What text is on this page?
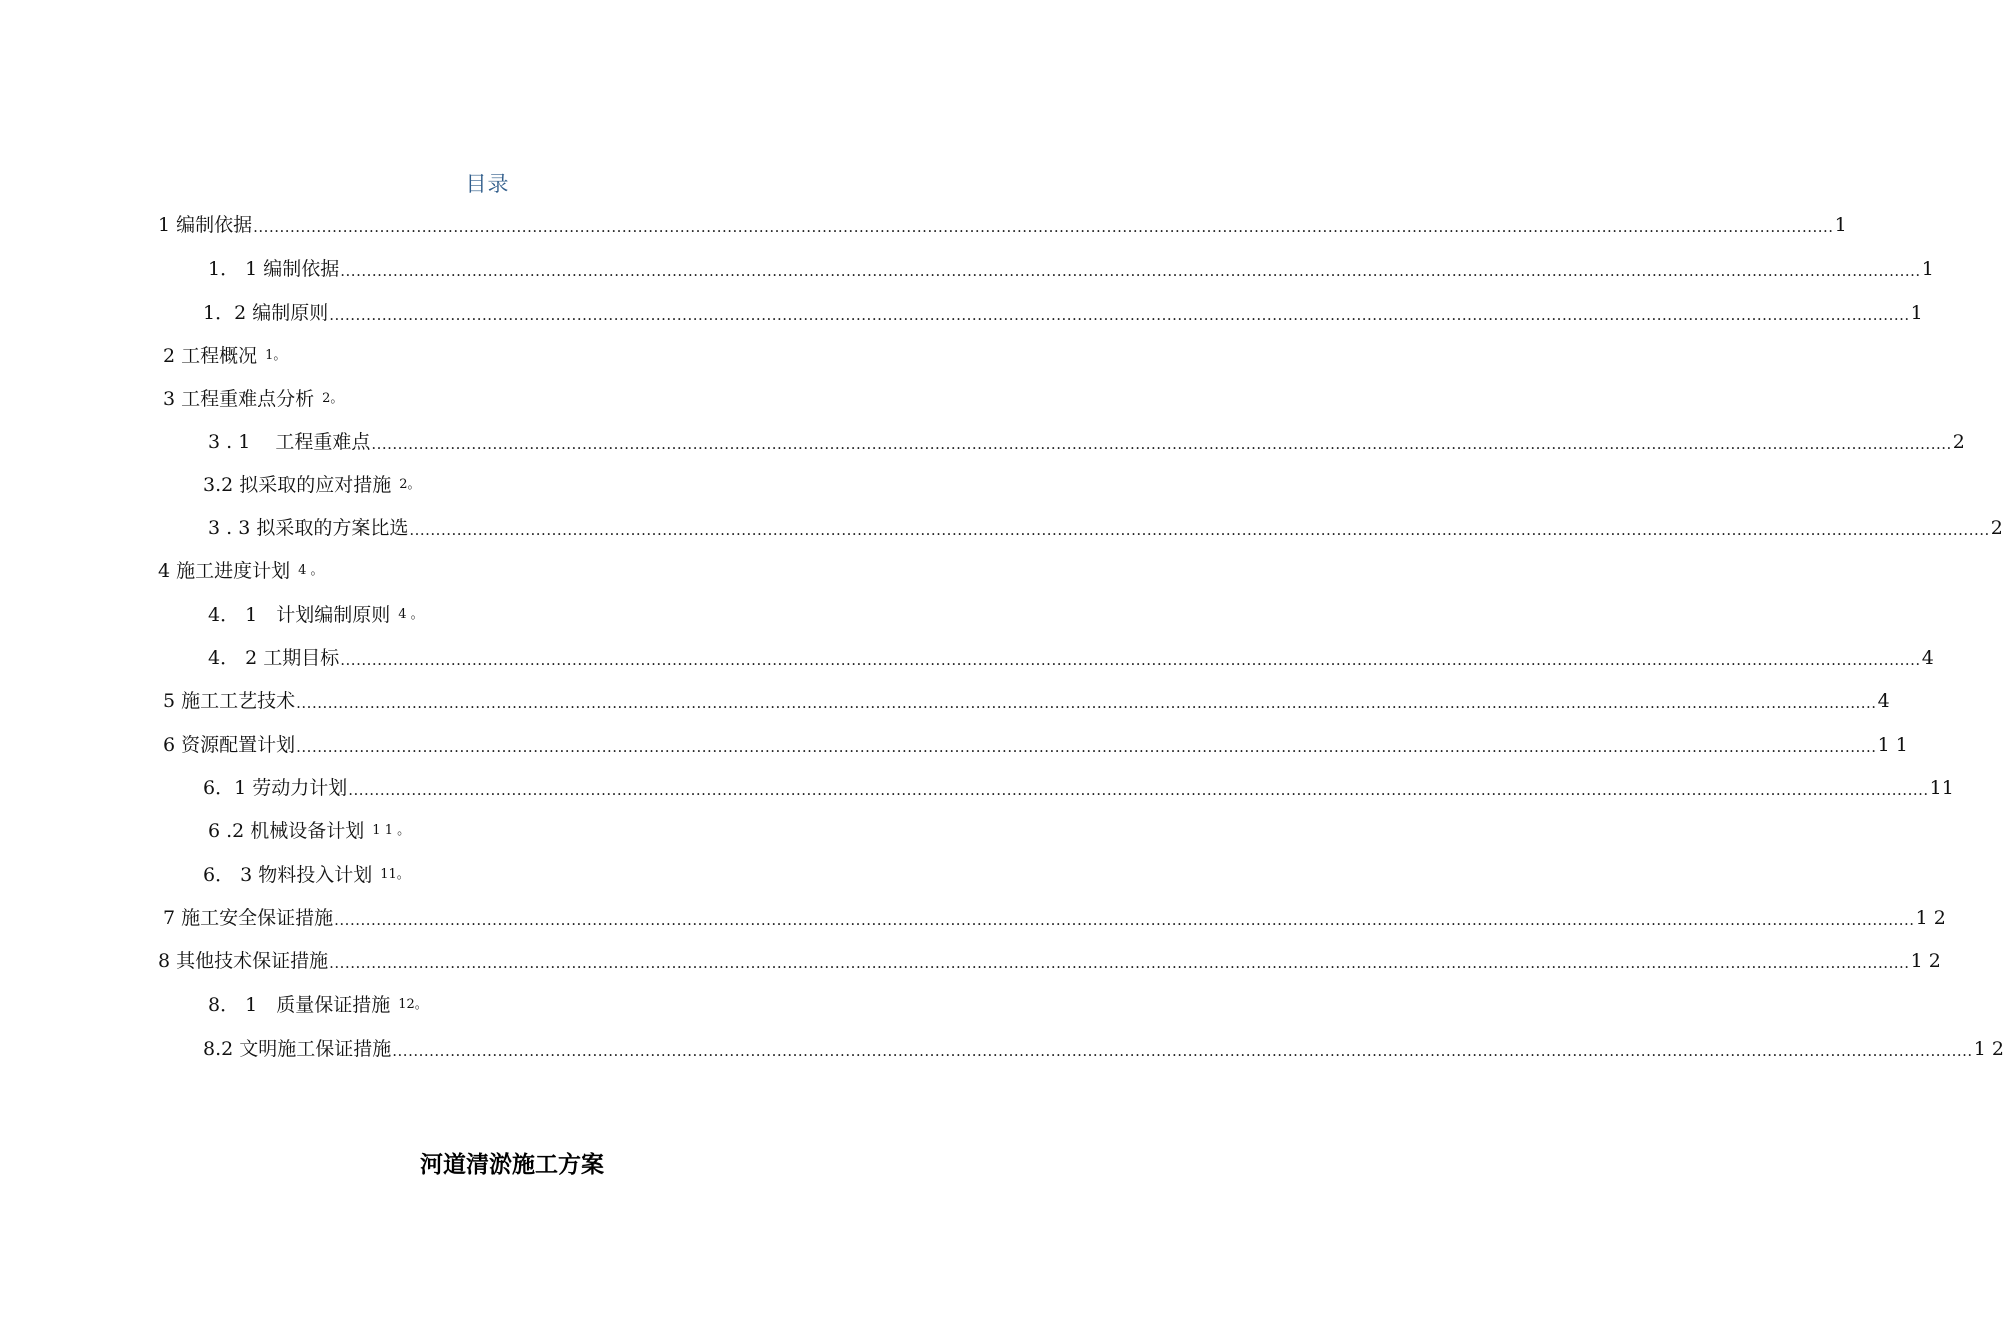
目录
1 编制依据 ............................................................................................................................................................................................................................................................................................................ 1
1． 1 编制依据 ............................................................................................................................................................................................................................................................................................................ 1
1．2 编制原则 ............................................................................................................................................................................................................................................................................................................ 1
2 工程概况 1。
3 工程重难点分析 2。
3 . 1　 工程重难点 ............................................................................................................................................................................................................................................................................................................ 2
3.2 拟采取的应对措施 2。
3 . 3 拟采取的方案比选 ............................................................................................................................................................................................................................................................................................................ 2
4 施工进度计划 4 。
4． 1　计划编制原则 4 。
4． 2 工期目标 ............................................................................................................................................................................................................................................................................................................ 4
5 施工工艺技术 ............................................................................................................................................................................................................................................................................................................ 4
6 资源配置计划 ............................................................................................................................................................................................................................................................................................................ 1 1
6．1 劳动力计划 ............................................................................................................................................................................................................................................................................................................ 11
6 .2 机械设备计划 1 1 。
6． 3 物料投入计划 11。
7 施工安全保证措施 ............................................................................................................................................................................................................................................................................................................ 1 2
8 其他技术保证措施 ............................................................................................................................................................................................................................................................................................................ 1 2
8． 1　质量保证措施 12。
8.2 文明施工保证措施 ............................................................................................................................................................................................................................................................................................................ 1 2
河道清淤施工方案
